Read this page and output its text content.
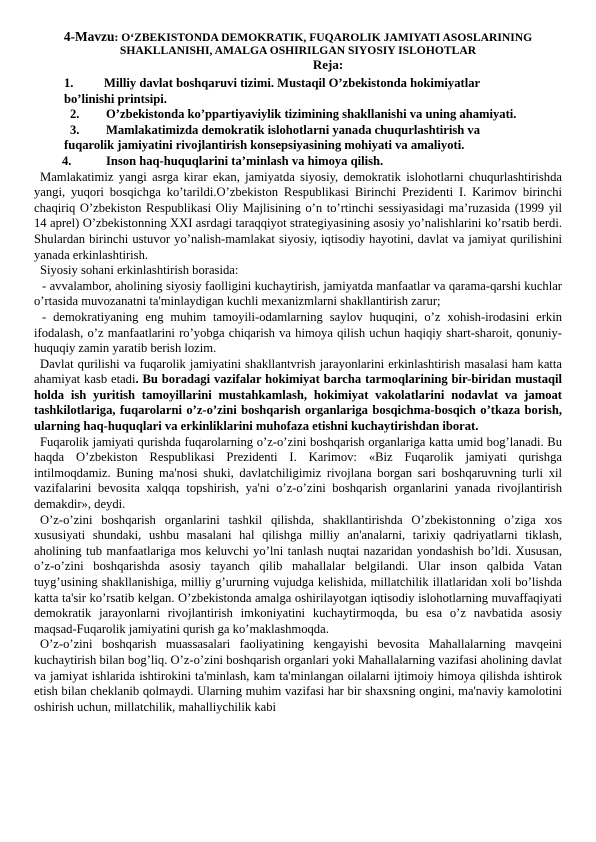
4-Mavzu: O‘ZBEKISTONDA DEMOKRATIK, FUQAROLIK JAMIYATI ASOSLARINING
SHAKLLANISHI, AMALGA OSHIRILGAN SIYOSIY ISLOHOTLAR
Reja:
1. Milliy davlat boshqaruvi tizimi. Mustaqil O’zbekistonda hokimiyatlar
bo’linishi printsipi.
2. O’zbekistonda ko’ppartiyaviylik tizimining shakllanishi va uning ahamiyati.
3. Mamlakatimizda demokratik islohotlarni yanada chuqurlashtirish va
fuqarolik jamiyatini rivojlantirish konsepsiyasining mohiyati va amaliyoti.
4.	Inson haq-huquqlarini ta’minlash va himoya qilish.

Mamlakatimiz yangi asrga kirar ekan, jamiyatda siyosiy, demokratik islohotlarni chuqurlashtirishda yangi, yuqori bosqichga ko’tarildi.O’zbekiston Respublikasi Birinchi Prezidenti I. Karimov birinchi chaqiriq O’zbekiston Respublikasi Oliy Majlisining o’n to’rtinchi sessiyasidagi ma’ruzasida (1999 yil 14 aprel) O’zbekistonning XXI asrdagi taraqqiyot strategiyasining asosiy yo’nalishlarini ko’rsatib berdi. Shulardan birinchi ustuvor yo’nalish-mamlakat siyosiy, iqtisodiy hayotini, davlat va jamiyat qurilishini yanada erkinlashtirish.

Siyosiy sohani erkinlashtirish borasida:

- avvalambor, aholining siyosiy faolligini kuchaytirish, jamiyatda manfaatlar va qarama-qarshi kuchlar o’rtasida muvozanatni ta'minlaydigan kuchli mexanizmlarni shakllantirish zarur;

- demokratiyaning eng muhim tamoyili-odamlarning saylov huquqini, o’z xohish-irodasini erkin ifodalash, o’z manfaatlarini ro’yobga chiqarish va himoya qilish uchun haqiqiy shart-sharoit, qonuniy-huquqiy zamin yaratib berish lozim.

Davlat qurilishi va fuqarolik jamiyatini shakllantvrish jarayonlarini erkinlashtirish masalasi ham katta ahamiyat kasb etadi. Bu boradagi vazifalar hokimiyat barcha tarmoqlarining bir-biridan mustaqil holda ish yuritish tamoyillarini mustahkamlash, hokimiyat vakolatlarini nodavlat va jamoat tashkilotlariga, fuqarolarni o’z-o’zini boshqarish organlariga bosqichma-bosqich o’tkaza borish, ularning haq-huquqlari va erkinliklarini muhofaza etishni kuchaytirishdan iborat.

Fuqarolik jamiyati qurishda fuqarolarning o’z-o’zini boshqarish organlariga katta umid bog’lanadi. Bu haqda O’zbekiston Respublikasi Prezidenti I. Karimov: «Biz Fuqarolik jamiyati qurishga intilmoqdamiz. Buning ma'nosi shuki, davlatchiligimiz rivojlana borgan sari boshqaruvning turli xil vazifalarini bevosita xalqqa topshirish, ya'ni o’z-o’zini boshqarish organlarini yanada rivojlantirish demakdir», deydi.

O’z-o’zini boshqarish organlarini tashkil qilishda, shakllantirishda O’zbekistonning o’ziga xos xususiyati shundaki, ushbu masalani hal qilishga milliy an'analarni, tarixiy qadriyatlarni tiklash, aholining tub manfaatlariga mos keluvchi yo’lni tanlash nuqtai nazaridan yondashish bo’ldi. Xususan, o’z-o’zini boshqarishda asosiy tayanch qilib mahallalar belgilandi. Ular inson qalbida Vatan tuyg’usining shakllanishiga, milliy g’ururning vujudga kelishida, millatchilik illatlaridan xoli bo’lishda katta ta'sir ko’rsatib kelgan. O’zbekistonda amalga oshirilayotgan iqtisodiy islohotlarning muvaffaqiyati demokratik jarayonlarni rivojlantirish imkoniyatini kuchaytirmoqda, bu esa o’z navbatida asosiy maqsad-Fuqarolik jamiyatini qurish ga ko’maklashmoqda.

O’z-o’zini boshqarish muassasalari faoliyatining kengayishi bevosita Mahallalarning mavqeini kuchaytirish bilan bog’liq. O’z-o’zini boshqarish organlari yoki Mahallalarning vazifasi aholining davlat va jamiyat ishlarida ishtirokini ta'minlash, kam ta'minlangan oilalarni ijtimoiy himoya qilishda ishtirok etish bilan cheklanib qolmaydi. Ularning muhim vazifasi har bir shaxsning ongini, ma'naviy kamolotini oshirish uchun, millatchilik, mahalliychilik kabi
